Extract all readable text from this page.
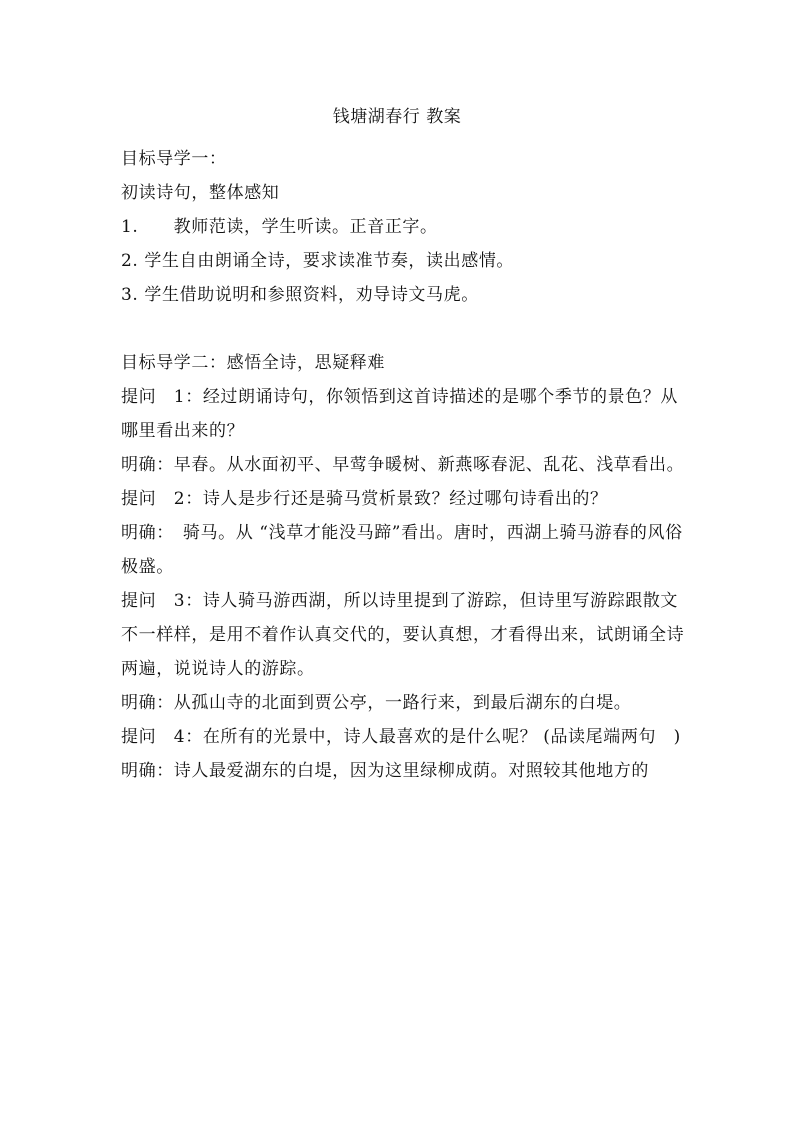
钱塘湖春行 教案

目标导学一：

初读诗句，整体感知

1.　　教师范读，学生听读。正音正字。

2. 学生自由朗诵全诗，要求读准节奏，读出感情。

3. 学生借助说明和参照资料，劝导诗文马虎。

目标导学二：感悟全诗，思疑释难

提问　1：经过朗诵诗句，你领悟到这首诗描述的是哪个季节的景色？从哪里看出来的？

明确：早春。从水面初平、早莺争暖树、新燕啄春泥、乱花、浅草看出。

提问　2：诗人是步行还是骑马赏析景致？经过哪句诗看出的？

明确：　骑马。从 “浅草才能没马蹄”看出。唐时，西湖上骑马游春的风俗极盛。

提问　3：诗人骑马游西湖，所以诗里提到了游踪，但诗里写游踪跟散文不一样样，是用不着作认真交代的，要认真想，才看得出来，试朗诵全诗两遍，说说诗人的游踪。

明确：从孤山寺的北面到贾公亭，一路行来，到最后湖东的白堤。

提问　4：在所有的光景中，诗人最喜欢的是什么呢？ (品读尾端两句　)

明确：诗人最爱湖东的白堤，因为这里绿柳成荫。对照较其他地方的
